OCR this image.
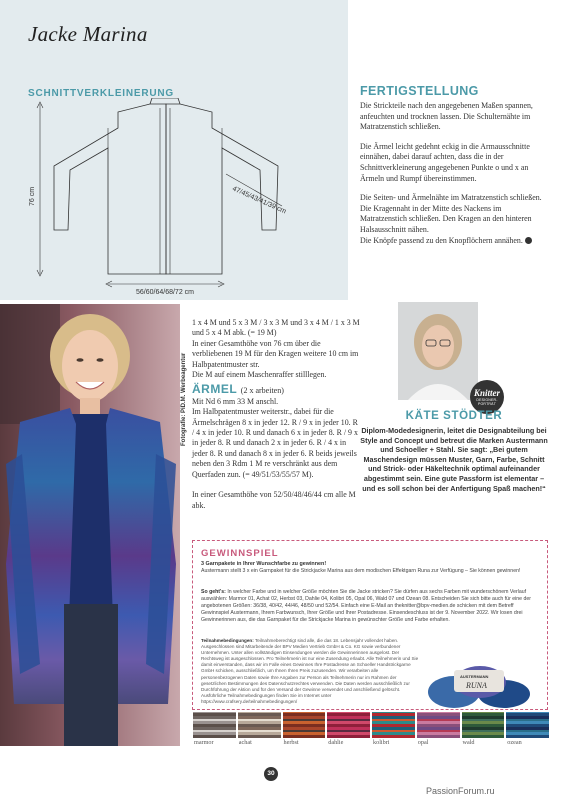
Jacke Marina
SCHNITTVERKLEINERUNG
76 cm
56/60/64/68/72 cm
47/45/43/41/39 cm
FERTIGSTELLUNG

Die Strickteile nach den angegebenen Maßen spannen, anfeuchten und trocknen lassen. Die Schulternähte im Matratzenstich schließen.

Die Ärmel leicht gedehnt eckig in die Armausschnitte einnähen, dabei darauf achten, dass die in der Schnittverkleinerung angegebenen Punkte o und x an Ärmeln und Rumpf übereinstimmen.

Die Seiten- und Ärmelnähte im Matratzenstich schließen.

Die Kragennaht in der Mitte des Nackens im Matratzenstich schließen. Den Kragen an den hinteren Halsausschnitt nähen.

Die Knöpfe passend zu den Knopflöchern annähen.

Fotografie: PiD.M. Werbeagentur

1 x 4 M und 5 x 3 M / 3 x 3 M und 3 x 4 M / 1 x 3 M und 5 x 4 M abk. (= 19 M)

In einer Gesamthöhe von 76 cm über die verbliebenen 19 M für den Kragen weitere 10 cm im Halbpatentmuster str.

Die M auf einem Maschenraffer stilllegen.

ÄRMEL (2 x arbeiten)

Mit Nd 6 mm 33 M anschl.

Im Halbpatentmuster weiterstr., dabei für die Ärmelschrägen 8 x in jeder 12. R / 9 x in jeder 10. R / 4 x in jeder 10. R und danach 6 x in jeder 8. R / 9 x in jeder 8. R und danach 2 x in jeder 6. R / 4 x in jeder 8. R und danach 8 x in jeder 6. R beids jeweils neben den 3 Rdm 1 M re verschränkt aus dem Querfaden zun. (= 49/51/53/55/57 M).

In einer Gesamthöhe von 52/50/48/46/44 cm alle M abk.

Knitter
DESIGNER-PORTRÄT
KÄTE STÖDTER
Diplom-Modedesignerin, leitet die Designabteilung bei Style and Concept und betreut die Marken Austermann und Schoeller + Stahl. Sie sagt: „Bei gutem Maschendesign müssen Muster, Garn, Farbe, Schnitt und Strick- oder Häkeltechnik optimal aufeinander abgestimmt sein. Eine gute Passform ist elementar – und es soll schon bei der Anfertigung Spaß machen!“
GEWINNSPIEL
3 Garnpakete in Ihrer Wunschfarbe zu gewinnen!
Austermann stellt 3 x ein Garnpaket für die Strickjacke Marina aus dem modischen Effektgarn Runa zur Verfügung – Sie können gewinnen!
So geht's: In welcher Farbe und in welcher Größe möchten Sie die Jacke stricken? Sie dürfen aus sechs Farben mit wunderschönem Verlauf auswählen: Marmor 01, Achat 02, Herbst 03, Dahlie 04, Kolibri 05, Opal 06, Wald 07 und Ozean 08. Entscheiden Sie sich bitte auch für eine der angebotenen Größen: 36/38, 40/42, 44/46, 48/50 und 52/54. Einfach eine E-Mail an theknitter@bpv-medien.de schicken mit dem Betreff Gewinnspiel Austermann, Ihrem Farbwunsch, Ihrer Größe und Ihrer Postadresse. Einsendeschluss ist der 9. November 2022. Wir losen drei Gewinnerinnen aus, die das Garnpaket für die Strickjacke Marina in gewünschter Größe und Farbe erhalten.
Teilnahmebedingungen: Teilnahmeberechtigt sind alle, die das 18. Lebensjahr vollendet haben. Ausgeschlossen sind Mitarbeitende der BPV Medien Vertrieb GmbH & Co. KG sowie verbundener Unternehmen. Unter allen vollständigen Einsendungen werden die Gewinnerinnen ausgelost. Der Rechtsweg ist ausgeschlossen. Pro Teilnehmerin ist nur eine Zusendung erlaubt. Alle Teilnehmerin und Sie damit einverstanden, dass wir im Falle eines Gewinnes Ihre Postadresse an Schoeller Handstrickgarne GmbH schicken, ausschließlich, um Ihnen Ihren Preis zuzusenden. Wir verarbeiten alle personenbezogenen Daten sowie Ihre Angaben zur Person als Teilnehmerin nur im Rahmen der gesetzlichen Bestimmungen des Datenschutzrechtes verwenden. Die Daten werden ausschließlich zur Durchführung der Aktion und für den Versand der Gewinne verwendet und anschließend gelöscht. Ausführliche Teilnahmebedingungen finden Sie im Internet unter https://www.crafsery.de/teilnahmebedingungen/
AUSTERMANN
RUNA
marmor	achat	herbst	dahlie	kolibri	opal	wald	ozean
30
PassionForum.ru
